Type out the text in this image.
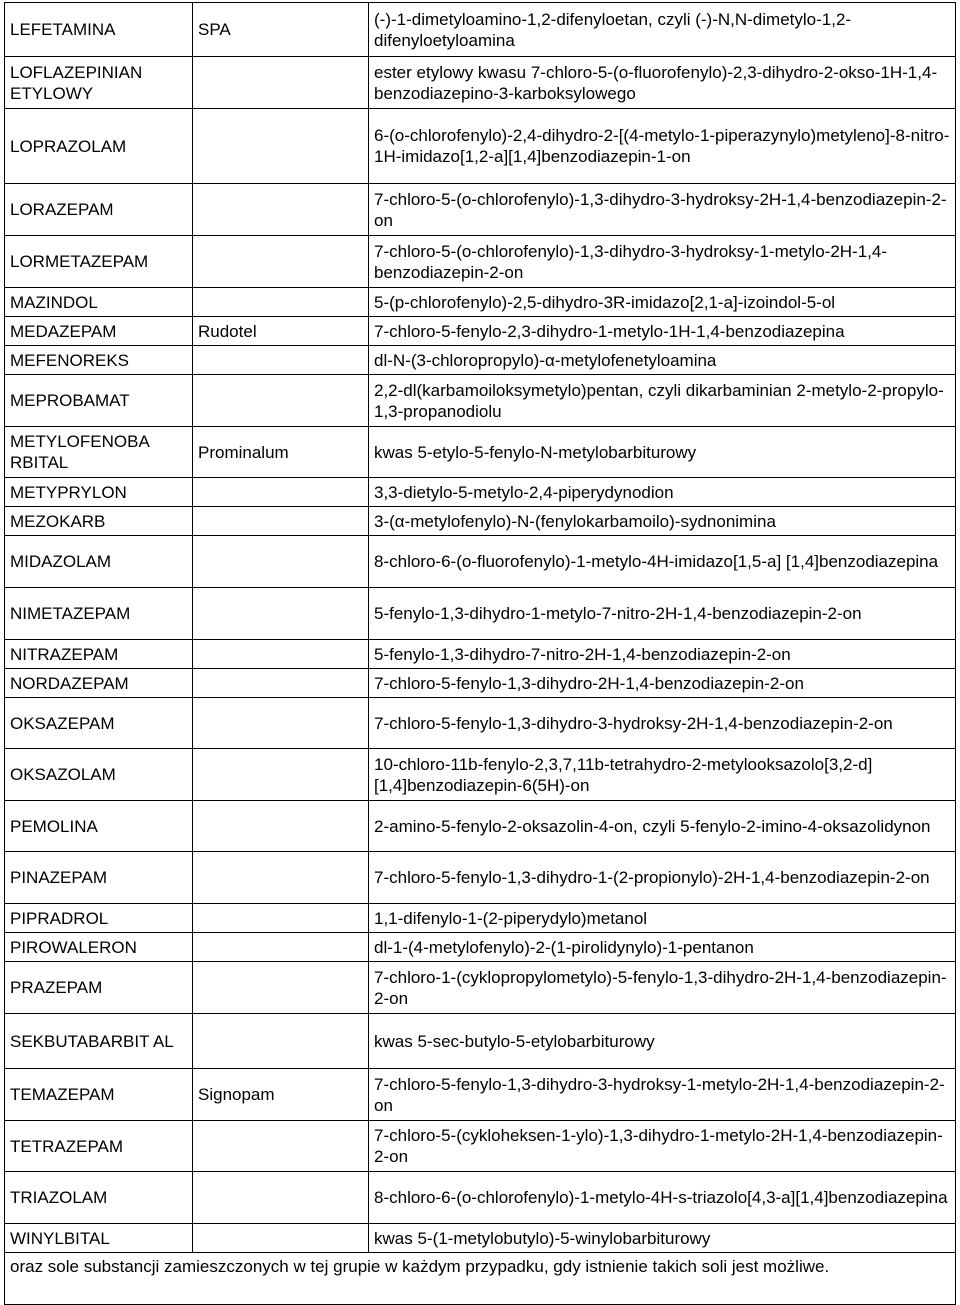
LEFETAMINA	SPA	(-)-1-dimetyloamino-1,2-difenyloetan, czyli (-)-N,N-dimetylo-1,2-difenyloetyloamina
LOFLAZEPINIAN ETYLOWY		ester etylowy kwasu 7-chloro-5-(o-fluorofenylo)-2,3-dihydro-2-okso-1H-1,4-benzodiazepino-3-karboksylowego
LOPRAZOLAM		6-(o-chlorofenylo)-2,4-dihydro-2-[(4-metylo-1-piperazynylo)metyleno]-8-nitro-1H-imidazo[1,2-a][1,4]benzodiazepin-1-on
LORAZEPAM		7-chloro-5-(o-chlorofenylo)-1,3-dihydro-3-hydroksy-2H-1,4-benzodiazepin-2-on
LORMETAZEPAM		7-chloro-5-(o-chlorofenylo)-1,3-dihydro-3-hydroksy-1-metylo-2H-1,4-benzodiazepin-2-on
MAZINDOL		5-(p-chlorofenylo)-2,5-dihydro-3R-imidazo[2,1-a]-izoindol-5-ol
MEDAZEPAM	Rudotel	7-chloro-5-fenylo-2,3-dihydro-1-metylo-1H-1,4-benzodiazepina
MEFENOREKS		dl-N-(3-chloropropylo)-α-metylofenetyloamina
MEPROBAMAT		2,2-dl(karbamoiloksymetylo)pentan, czyli dikarbaminian 2-metylo-2-propylo-1,3-propanodiolu
METYLOFENOBA RBITAL	Prominalum	kwas 5-etylo-5-fenylo-N-metylobarbiturowy
METYPRYLON		3,3-dietylo-5-metylo-2,4-piperydynodion
MEZOKARB		3-(α-metylofenylo)-N-(fenylokarbamoilo)-sydnonimina
MIDAZOLAM		8-chloro-6-(o-fluorofenylo)-1-metylo-4H-imidazo[1,5-a] [1,4]benzodiazepina
NIMETAZEPAM		5-fenylo-1,3-dihydro-1-metylo-7-nitro-2H-1,4-benzodiazepin-2-on
NITRAZEPAM		5-fenylo-1,3-dihydro-7-nitro-2H-1,4-benzodiazepin-2-on
NORDAZEPAM		7-chloro-5-fenylo-1,3-dihydro-2H-1,4-benzodiazepin-2-on
OKSAZEPAM		7-chloro-5-fenylo-1,3-dihydro-3-hydroksy-2H-1,4-benzodiazepin-2-on
OKSAZOLAM		10-chloro-11b-fenylo-2,3,7,11b-tetrahydro-2-metylooksazolo[3,2-d][1,4]benzodiazepin-6(5H)-on
PEMOLINA		2-amino-5-fenylo-2-oksazolin-4-on, czyli 5-fenylo-2-imino-4-oksazolidynon
PINAZEPAM		7-chloro-5-fenylo-1,3-dihydro-1-(2-propionylo)-2H-1,4-benzodiazepin-2-on
PIPRADROL		1,1-difenylo-1-(2-piperydylo)metanol
PIROWALERON		dl-1-(4-metylofenylo)-2-(1-pirolidynylo)-1-pentanon
PRAZEPAM		7-chloro-1-(cyklopropylometylo)-5-fenylo-1,3-dihydro-2H-1,4-benzodiazepin-2-on
SEKBUTABARBIT AL		kwas 5-sec-butylo-5-etylobarbiturowy
TEMAZEPAM	Signopam	7-chloro-5-fenylo-1,3-dihydro-3-hydroksy-1-metylo-2H-1,4-benzodiazepin-2-on
TETRAZEPAM		7-chloro-5-(cykloheksen-1-ylo)-1,3-dihydro-1-metylo-2H-1,4-benzodiazepin-2-on
TRIAZOLAM		8-chloro-6-(o-chlorofenylo)-1-metylo-4H-s-triazolo[4,3-a][1,4]benzodiazepina
WINYLBITAL		kwas 5-(1-metylobutylo)-5-winylobarbiturowy
oraz sole substancji zamieszczonych w tej grupie w każdym przypadku, gdy istnienie takich soli jest możliwe.		
